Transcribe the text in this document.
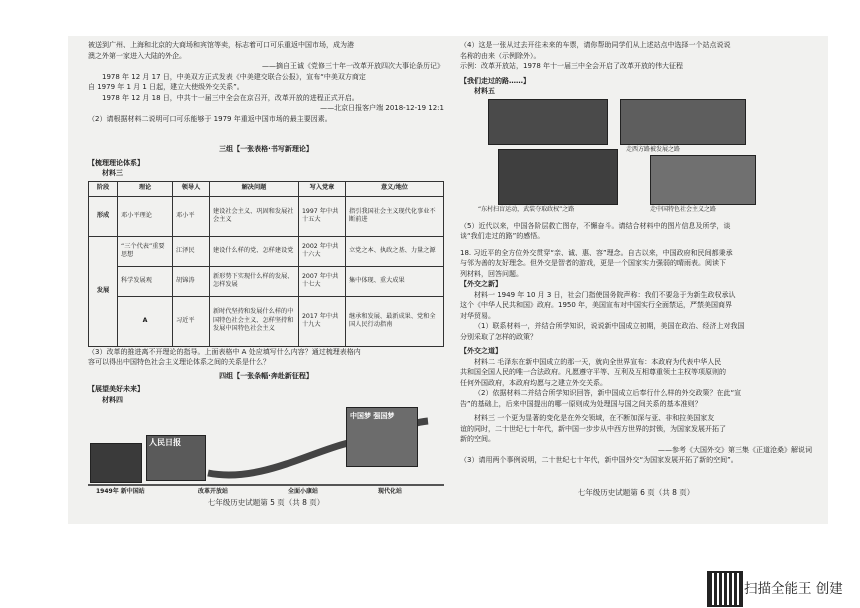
被送到广州、上海和北京的大商场和宾馆等卖，标志着可口可乐重返中国市场，成为港

澳之外第一家进入大陆的外企。

——摘自王诚《党修三十年一改革开放四次大事论条历记》

1978 年 12 月 17 日，中美双方正式发表《中美建交联合公报》，宣布“中美双方商定

自 1979 年 1 月 1 日起，建立大使级外交关系”。

1978 年 12 月 18 日，中共十一届三中全会在京召开，改革开放的进程正式开启。

——北京日报客户端 2018-12-19 12:1

（2）请根据材料二说明可口可乐能够于 1979 年重返中国市场的最主要因素。

三组【一张表格·书写新理论】

【梳理理论体系】

材料三

阶段	理论	领导人	解决问题	写入党章	意义/地位
形成	邓小平理论	邓小平	建设社会主义、巩固和发展社会主义	1997 年中共十五大	指引我国社会主义现代化事业不断前进
发展	“三个代表”重要思想	江泽民	建设什么样的党、怎样建设党	2002 年中共十六大	立党之本、执政之基、力量之源
	科学发展观	胡锦涛	新形势下实现什么样的发展、怎样发展	2007 年中共十七大	集中体现、重大成果
	A	习近平	新时代坚持和发展什么样的中国特色社会主义、怎样坚持和发展中国特色社会主义	2017 年中共十九大	继承和发展、最新成果、党和全国人民行动指南

（3）改革的推进离不开理论的指导。上面表格中 A 处应填写什么内容？通过梳理表格内

容可以得出中国特色社会主义理论体系之间的关系是什么？

四组【一张条幅·奔赴新征程】

【展望美好未来】

材料四

人民日报
中国梦 强国梦
1949年 新中国站	改革开放站	全面小康站	现代化站

七年级历史试题第 5 页（共 8 页）

（4）这是一张从过去开往未来的车票，请你帮助同学们从上述站点中选择一个站点说说

名称的由来（示例除外）。

示例：改革开放站，1978 年十一届三中全会开启了改革开放的伟大征程

【我们走过的路……】

材料五

走西方路被发展之路
“东村扫盲运动，武装夺取政权”之路	走中国特色社会主义之路

（5）近代以来，中国各阶层救亡图存，不懈奋斗。请结合材料中的图片信息及所学，谈

谈“我们走过的路”的感悟。

18. 习近平的全方位外交贯穿“亲、诚、惠、容”理念。自古以来，中国政府和民间都秉承

与邻为善的友好理念。但外交是智者的游戏，更是一个国家实力强弱的晴雨表。阅读下

列材料，回答问题。

【外交之新】

材料一 1949 年 10 月 3 日，社会门指使国务院声称：我们不要急于为新生政权承认

这个《中华人民共和国》政府。1950 年，美国宣布对中国实行全面禁运，严禁美国商界

对华贸易。

（1）联系材料一，并结合所学知识，说说新中国成立初期，美国在政治、经济上对我国

分别采取了怎样的政策？

【外交之道】

材料二 毛泽东在新中国成立的那一天，就向全世界宣布：本政府为代表中华人民

共和国全国人民的唯一合法政府。凡愿遵守平等、互利及互相尊重领土主权等项原则的

任何外国政府，本政府均愿与之建立外交关系。

（2）依据材料二并结合所学知识回答，新中国成立后奉行什么样的外交政策？在此“宣

告”的基础上，后来中国提出的哪一原则成为处理国与国之间关系的基本准则？

材料三 一个更为显著的变化是在外交领域，在不断加深与亚、非和拉美国家友

谊的同时，二十世纪七十年代，新中国一步步从中西方世界的封锁，为国家发展开拓了

新的空间。

——参考《大国外交》第三集《正道沧桑》解说词

（3）请用两个事例说明，二十世纪七十年代，新中国外交“为国家发展开拓了新的空间”。

七年级历史试题第 6 页（共 8 页）

扫描全能王 创建
